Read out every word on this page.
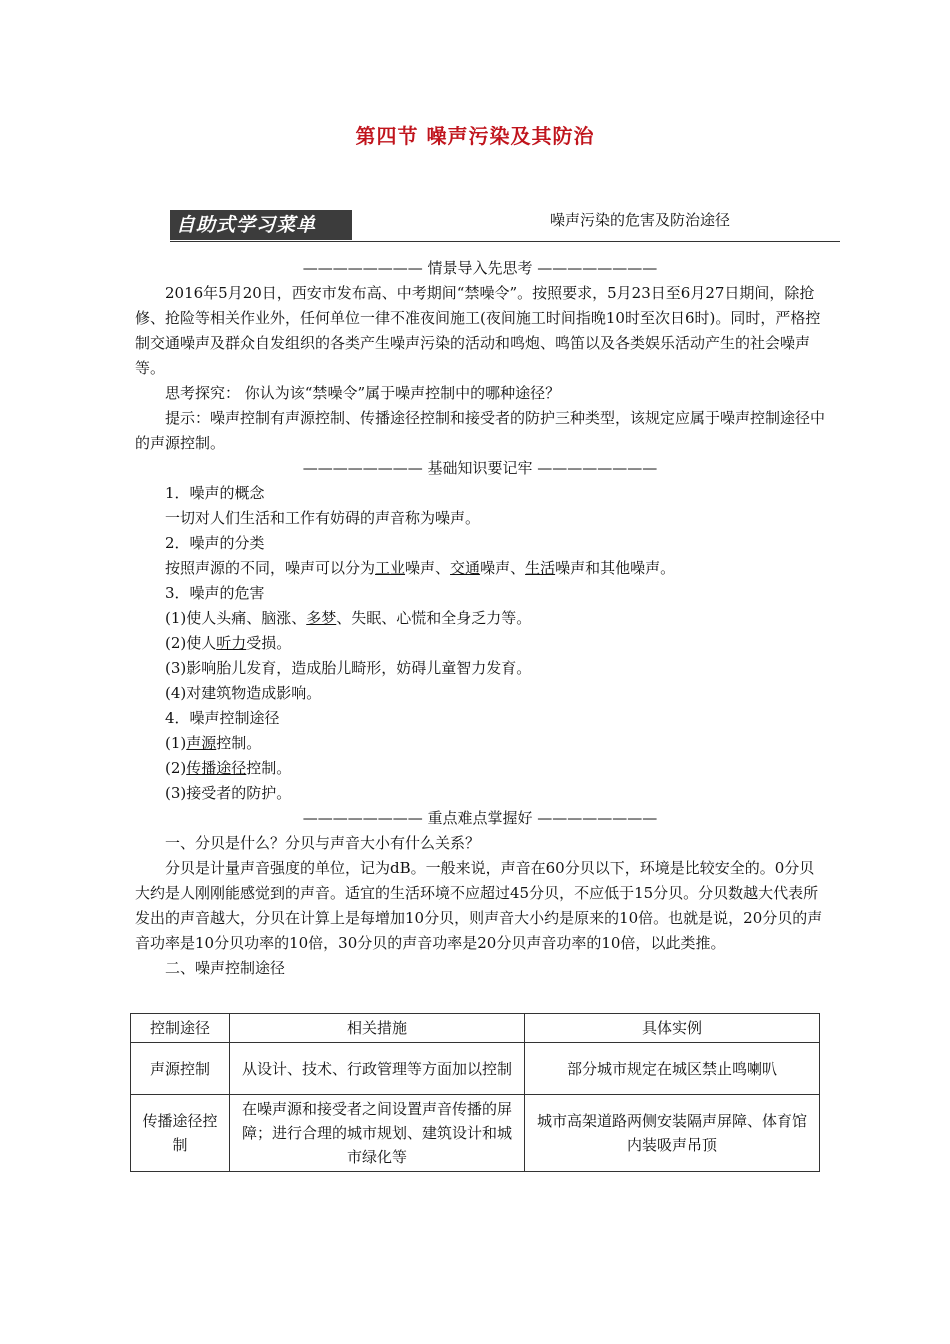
第四节 噪声污染及其防治
自助式学习菜单	噪声污染的危害及防治途径

———————— 情景导入先思考 ————————

2016年5月20日，西安市发布高、中考期间“禁噪令”。按照要求，5月23日至6月27日期间，除抢修、抢险等相关作业外，任何单位一律不准夜间施工(夜间施工时间指晚10时至次日6时)。同时，严格控制交通噪声及群众自发组织的各类产生噪声污染的活动和鸣炮、鸣笛以及各类娱乐活动产生的社会噪声等。

思考探究： 你认为该“禁噪令”属于噪声控制中的哪种途径？

提示：噪声控制有声源控制、传播途径控制和接受者的防护三种类型，该规定应属于噪声控制途径中的声源控制。

———————— 基础知识要记牢 ————————

1．噪声的概念

一切对人们生活和工作有妨碍的声音称为噪声。

2．噪声的分类

按照声源的不同，噪声可以分为工业噪声、交通噪声、生活噪声和其他噪声。

3．噪声的危害

(1)使人头痛、脑涨、多梦、失眠、心慌和全身乏力等。

(2)使人听力受损。

(3)影响胎儿发育，造成胎儿畸形，妨碍儿童智力发育。

(4)对建筑物造成影响。

4．噪声控制途径

(1)声源控制。

(2)传播途径控制。

(3)接受者的防护。

———————— 重点难点掌握好 ————————

一、分贝是什么？分贝与声音大小有什么关系？

分贝是计量声音强度的单位，记为dB。一般来说，声音在60分贝以下，环境是比较安全的。0分贝大约是人刚刚能感觉到的声音。适宜的生活环境不应超过45分贝，不应低于15分贝。分贝数越大代表所发出的声音越大，分贝在计算上是每增加10分贝，则声音大小约是原来的10倍。也就是说，20分贝的声音功率是10分贝功率的10倍，30分贝的声音功率是20分贝声音功率的10倍，以此类推。

二、噪声控制途径

控制途径	相关措施	具体实例
声源控制	从设计、技术、行政管理等方面加以控制	部分城市规定在城区禁止鸣喇叭
传播途径控制	在噪声源和接受者之间设置声音传播的屏障；进行合理的城市规划、建筑设计和城市绿化等	城市高架道路两侧安装隔声屏障、体育馆内装吸声吊顶
